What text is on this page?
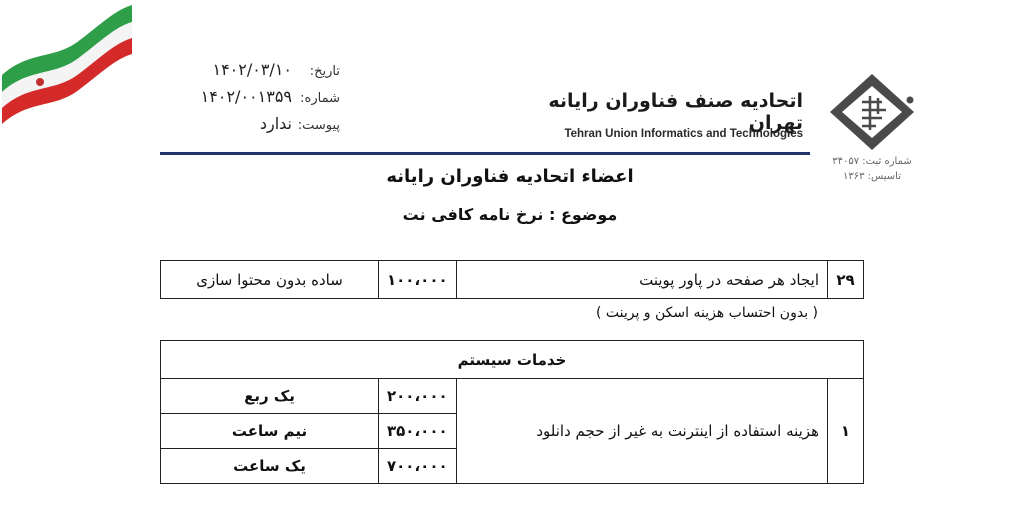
تاریخ:
۱۴۰۲/۰۳/۱۰
شماره:
۱۴۰۲/۰۰۱۳۵۹
پیوست:
ندارد
اتحادیه صنف فناوران رایانه تهران
Tehran Union Informatics and Technologies
شماره ثبت: ۳۴۰۵۷
تاسیس: ۱۳۶۳
اعضاء اتحادیه فناوران رایانه
موضوع : نرخ نامه کافی نت
۲۹	ایجاد هر صفحه در پاور پوینت	۱۰۰،۰۰۰	ساده بدون محتوا سازی
( بدون احتساب هزینه اسکن و پرینت )
خدمات سیستم			
۱	هزینه استفاده از اینترنت به غیر از حجم دانلود	۲۰۰،۰۰۰	یک ربع
		۳۵۰،۰۰۰	نیم ساعت
		۷۰۰،۰۰۰	یک ساعت
